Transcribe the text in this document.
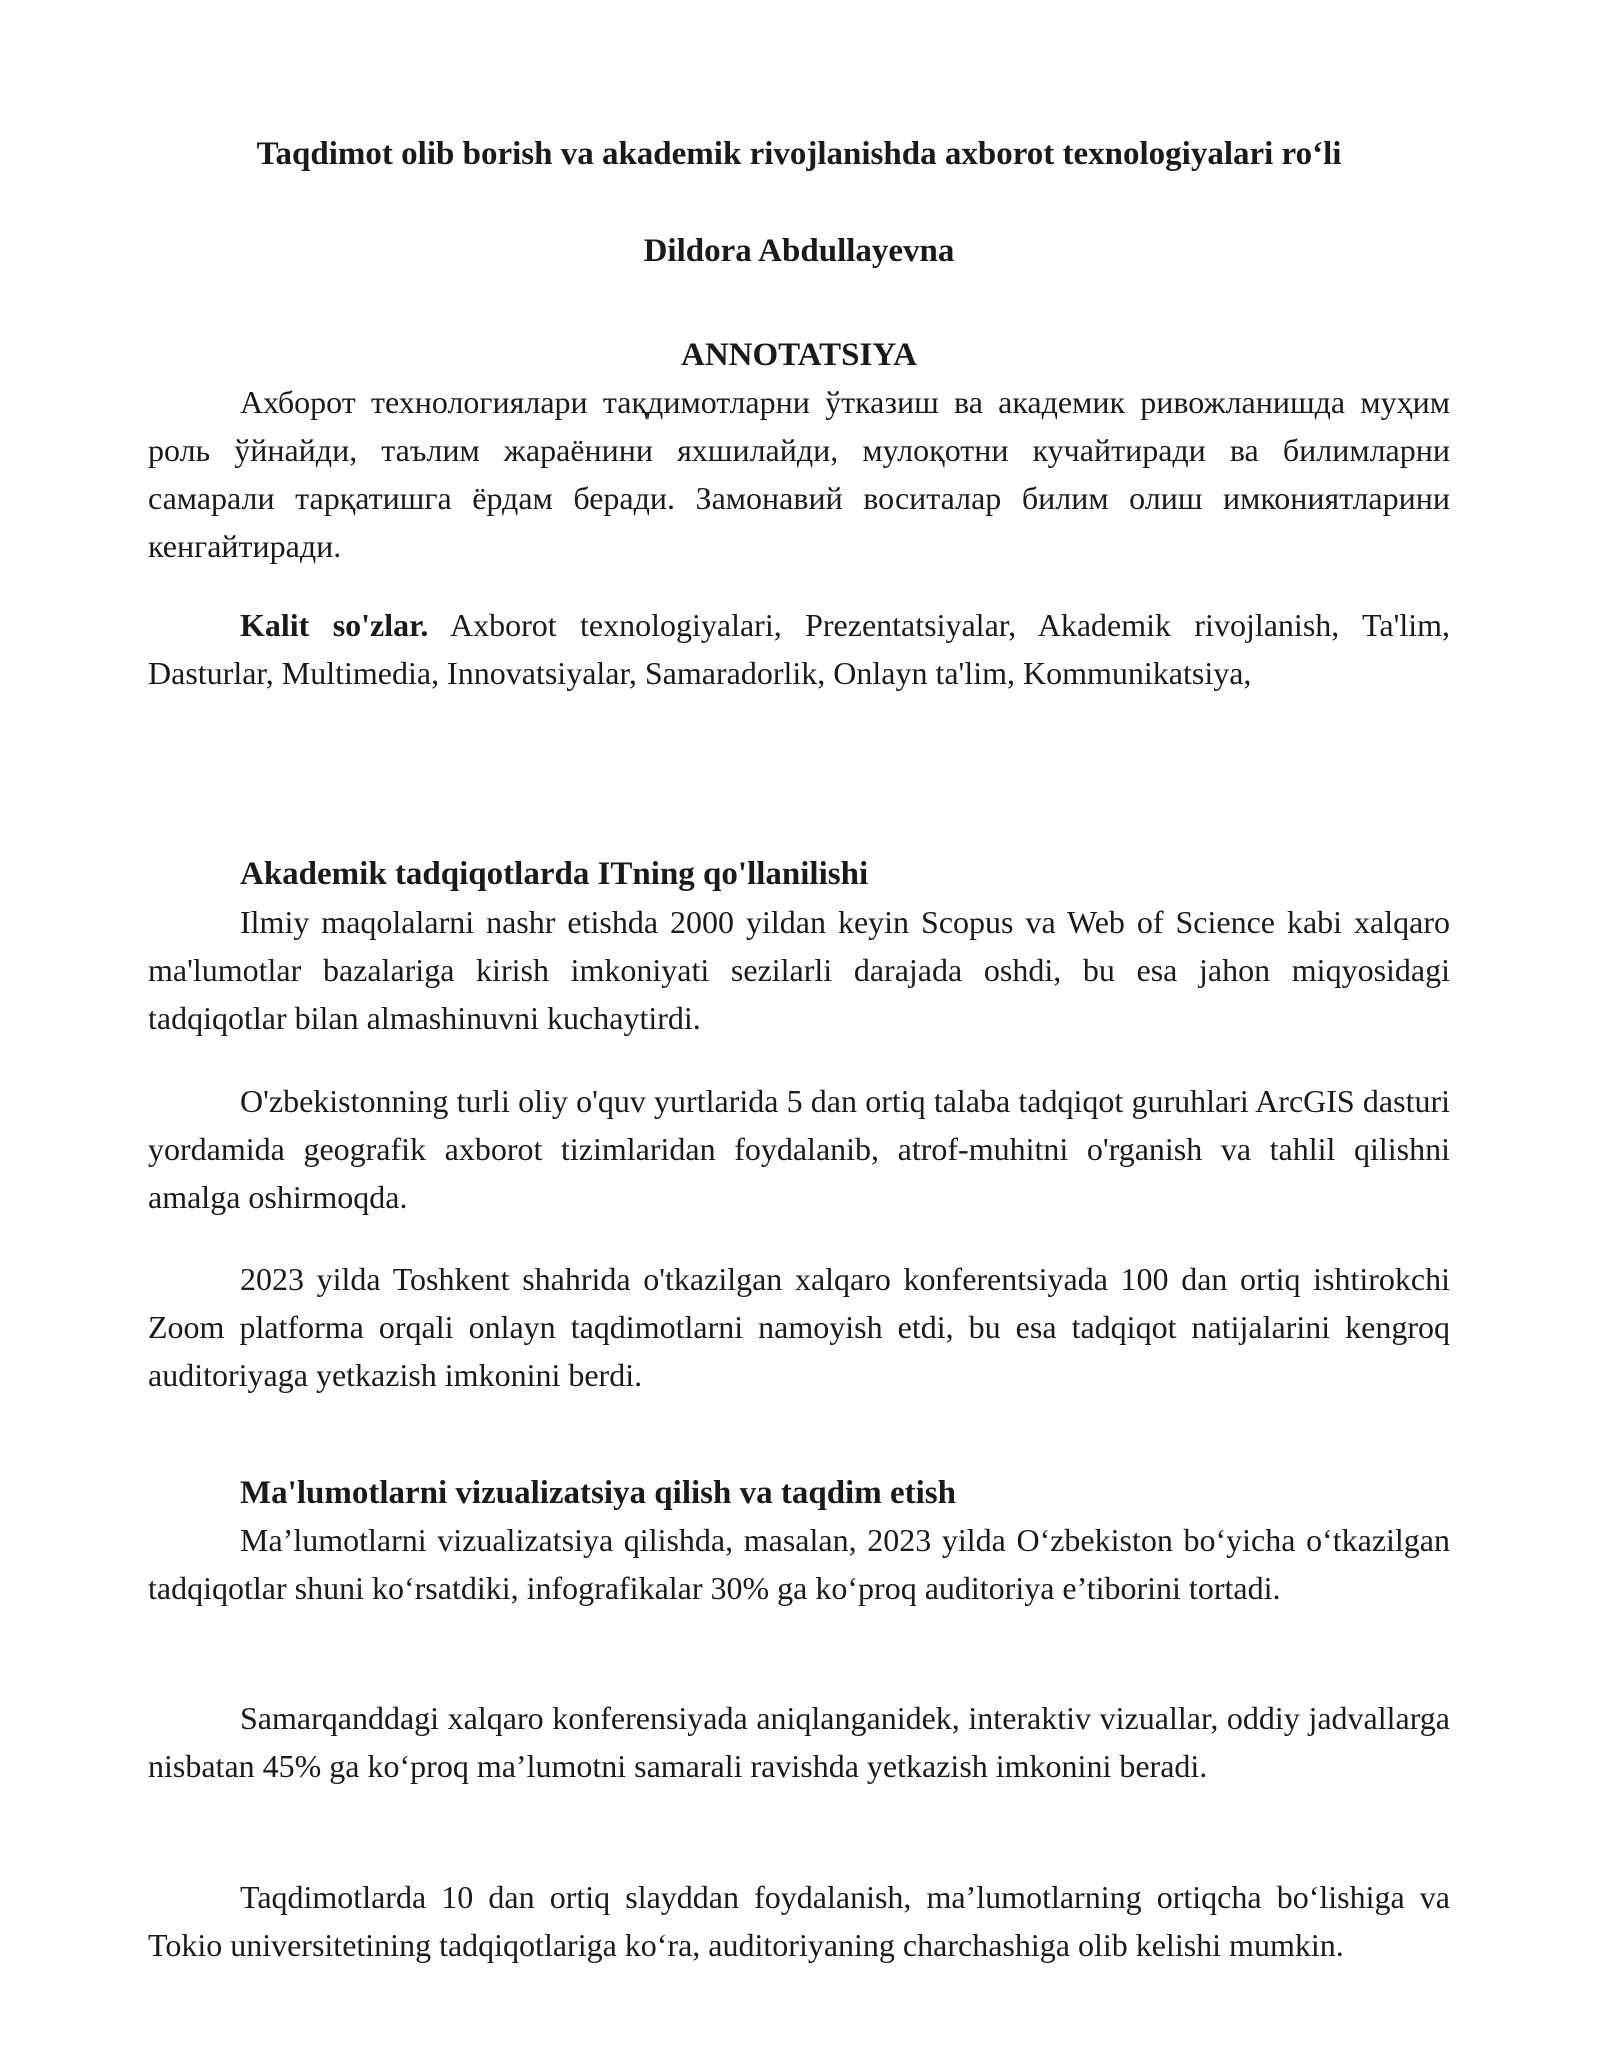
Taqdimot olib borish va akademik rivojlanishda axborot texnologiyalari ro‘li
Dildora Abdullayevna
ANNOTATSIYA
Ахборот технологиялари тақдимотларни ўтказиш ва академик ривожланишда муҳим роль ўйнайди, таълим жараёнини яхшилайди, мулоқотни кучайтиради ва билимларни самарали тарқатишга ёрдам беради. Замонавий воситалар билим олиш имкониятларини кенгайтиради.
Kalit so'zlar. Axborot texnologiyalari, Prezentatsiyalar, Akademik rivojlanish, Ta'lim, Dasturlar, Multimedia, Innovatsiyalar, Samaradorlik, Onlayn ta'lim, Kommunikatsiya,
Akademik tadqiqotlarda ITning qo'llanilishi
Ilmiy maqolalarni nashr etishda 2000 yildan keyin Scopus va Web of Science kabi xalqaro ma'lumotlar bazalariga kirish imkoniyati sezilarli darajada oshdi, bu esa jahon miqyosidagi tadqiqotlar bilan almashinuvni kuchaytirdi.
O'zbekistonning turli oliy o'quv yurtlarida 5 dan ortiq talaba tadqiqot guruhlari ArcGIS dasturi yordamida geografik axborot tizimlaridan foydalanib, atrof-muhitni o'rganish va tahlil qilishni amalga oshirmoqda.
2023 yilda Toshkent shahrida o'tkazilgan xalqaro konferentsiyada 100 dan ortiq ishtirokchi Zoom platforma orqali onlayn taqdimotlarni namoyish etdi, bu esa tadqiqot natijalarini kengroq auditoriyaga yetkazish imkonini berdi.
Ma'lumotlarni vizualizatsiya qilish va taqdim etish
Ma’lumotlarni vizualizatsiya qilishda, masalan, 2023 yilda O‘zbekiston bo‘yicha o‘tkazilgan tadqiqotlar shuni ko‘rsatdiki, infografikalar 30% ga ko‘proq auditoriya e’tiborini tortadi.
Samarqanddagi xalqaro konferensiyada aniqlanganidek, interaktiv vizuallar, oddiy jadvallarga nisbatan 45% ga ko‘proq ma’lumotni samarali ravishda yetkazish imkonini beradi.
Taqdimotlarda 10 dan ortiq slayddan foydalanish, ma’lumotlarning ortiqcha bo‘lishiga va Tokio universitetining tadqiqotlariga ko‘ra, auditoriyaning charchashiga olib kelishi mumkin.
